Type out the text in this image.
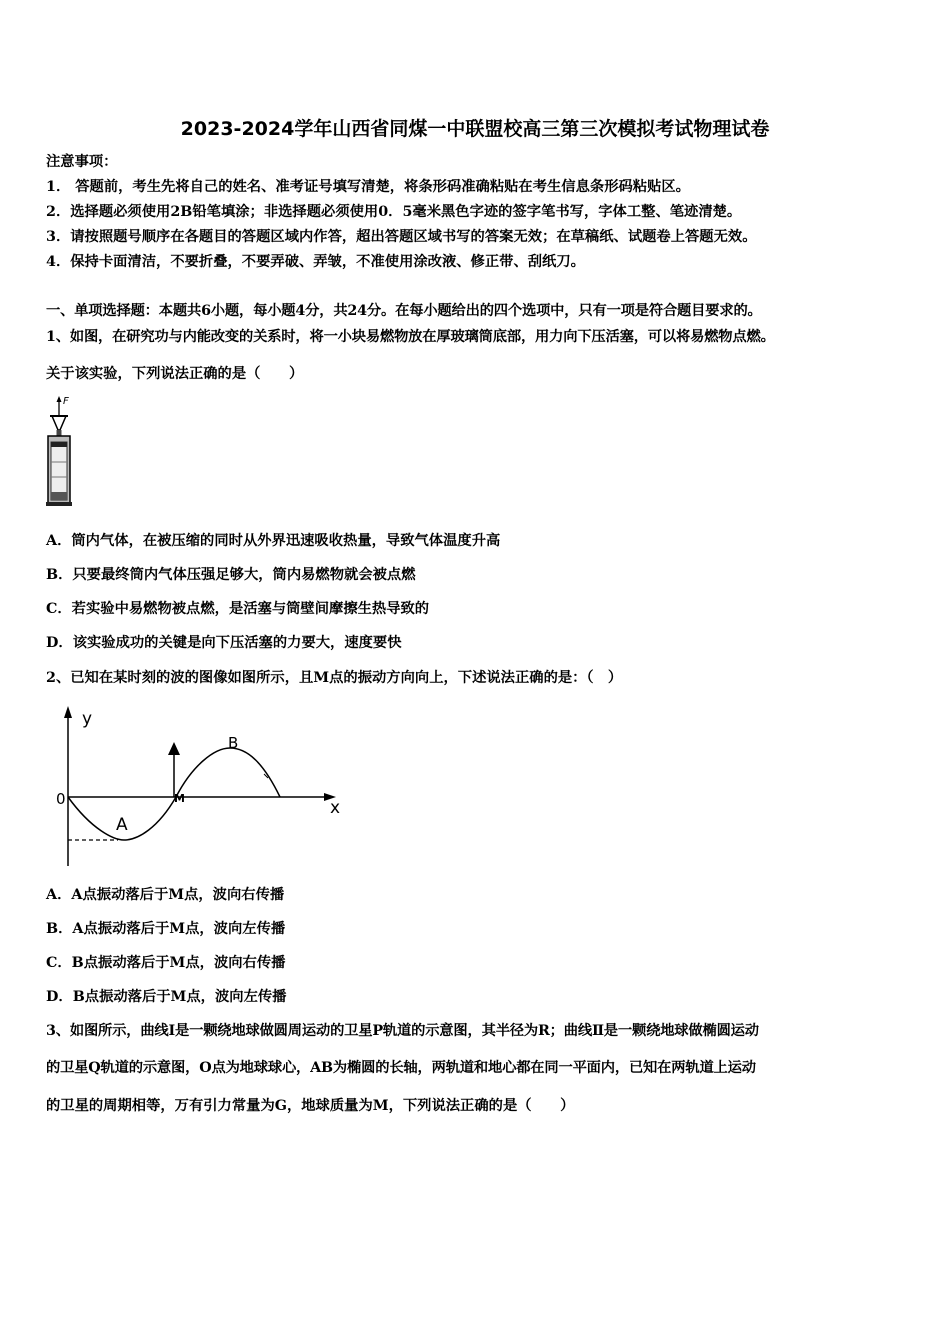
2023-2024学年山西省同煤一中联盟校高三第三次模拟考试物理试卷
注意事项：
1． 答题前，考生先将自己的姓名、准考证号填写清楚，将条形码准确粘贴在考生信息条形码粘贴区。
2．选择题必须使用2B铅笔填涂；非选择题必须使用0．5毫米黑色字迹的签字笔书写，字体工整、笔迹清楚。
3．请按照题号顺序在各题目的答题区域内作答，超出答题区域书写的答案无效；在草稿纸、试题卷上答题无效。
4．保持卡面清洁，不要折叠，不要弄破、弄皱，不准使用涂改液、修正带、刮纸刀。
一、单项选择题：本题共6小题，每小题4分，共24分。在每小题给出的四个选项中，只有一项是符合题目要求的。
1、如图，在研究功与内能改变的关系时，将一小块易燃物放在厚玻璃筒底部，用力向下压活塞，可以将易燃物点燃。
关于该实验，下列说法正确的是（　　）
F
A．筒内气体，在被压缩的同时从外界迅速吸收热量，导致气体温度升高
B．只要最终筒内气体压强足够大，筒内易燃物就会被点燃
C．若实验中易燃物被点燃，是活塞与筒壁间摩擦生热导致的
D．该实验成功的关键是向下压活塞的力要大，速度要快
2、已知在某时刻的波的图像如图所示，且M点的振动方向向上，下述说法正确的是：（　）
y
x
0
A
B
M
A．A点振动落后于M点，波向右传播
B．A点振动落后于M点，波向左传播
C．B点振动落后于M点，波向右传播
D．B点振动落后于M点，波向左传播
3、如图所示，曲线Ⅰ是一颗绕地球做圆周运动的卫星P轨道的示意图，其半径为R；曲线Ⅱ是一颗绕地球做椭圆运动
的卫星Q轨道的示意图，O点为地球球心，AB为椭圆的长轴，两轨道和地心都在同一平面内，已知在两轨道上运动
的卫星的周期相等，万有引力常量为G，地球质量为M，下列说法正确的是（　　）
